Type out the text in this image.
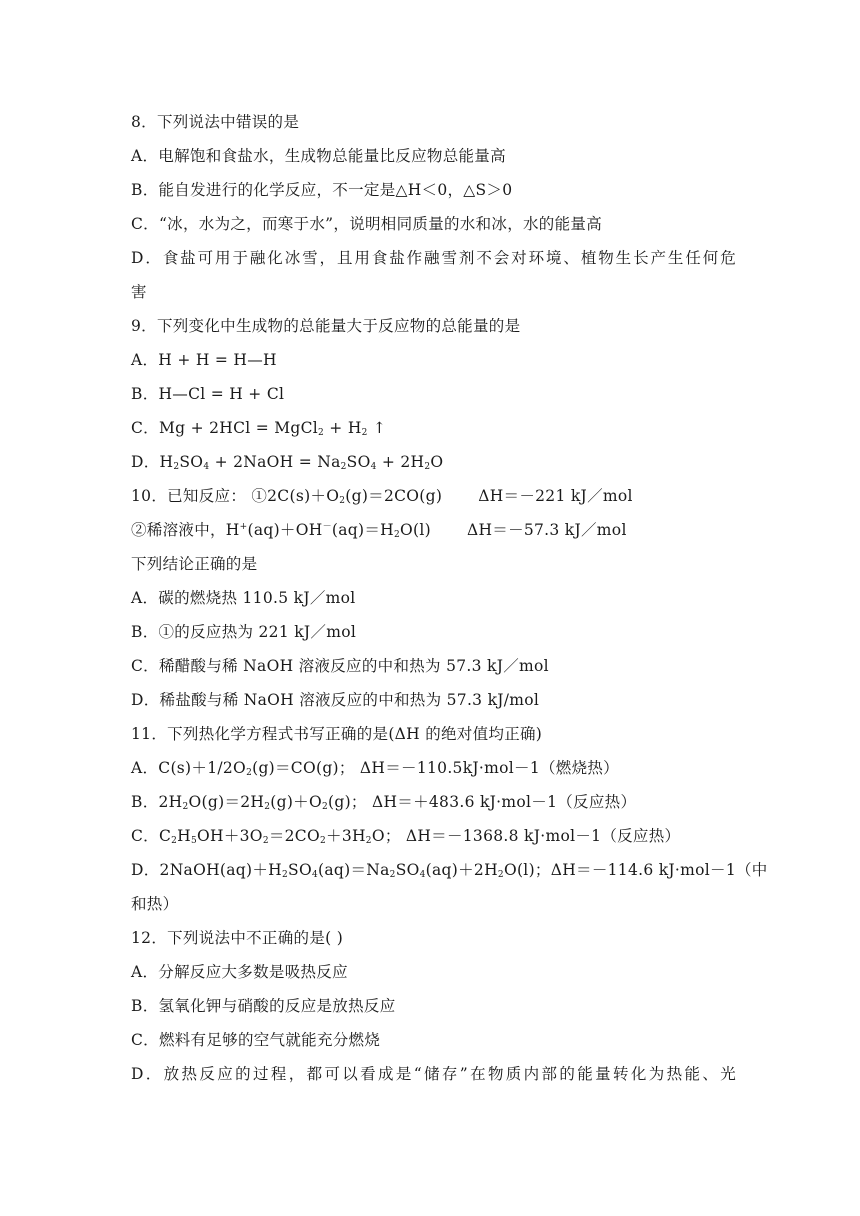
8．下列说法中错误的是
A．电解饱和食盐水，生成物总能量比反应物总能量高
B．能自发进行的化学反应，不一定是△H＜0，△S＞0
C．“冰，水为之，而寒于水”，说明相同质量的水和冰，水的能量高
D．食盐可用于融化冰雪，且用食盐作融雪剂不会对环境、植物生长产生任何危
害
9．下列变化中生成物的总能量大于反应物的总能量的是
A．H + H = H—H
B．H—Cl = H + Cl
C．Mg + 2HCl = MgCl$_2$ + $H_2$ ↑
D．$H_2SO_4$ + 2NaOH = $Na_2SO_4 + 2H_2O$
10．已知反应： $①2C(s)+O_2(g)=2CO(g)$ ΔH＝－221 kJ／mol
②稀溶液中，$H^+(aq)+OH^-(aq)=H_2O(l)$ ΔH＝－57.3 kJ／mol
下列结论正确的是
A．碳的燃烧热 110.5 kJ／mol
B．①的反应热为 221 kJ／mol
C．稀醋酸与稀 NaOH 溶液反应的中和热为 57.3 kJ／mol
D．稀盐酸与稀 NaOH 溶液反应的中和热为 57.3 kJ/mol
11．下列热化学方程式书写正确的是(ΔH 的绝对值均正确)
A．$C(s)+1/2O_2(g)=CO(g)$； ΔH＝－110.5kJ·mol－1（燃烧热）
B．$2H_2O(g)=2H_2(g)+O_2(g)$； ΔH＝＋483.6 kJ·mol－1（反应热）
C．$C_2H_5OH+3O_2=2CO_2+3H_2O$； ΔH＝－1368.8 kJ·mol－1（反应热）
D．$2NaOH(aq)+H_2SO_4(aq)=Na_2SO_4(aq)+2H_2O(l)$；ΔH＝－114.6 kJ·mol－1（中
和热）
12．下列说法中不正确的是( )
A．分解反应大多数是吸热反应
B．氢氧化钾与硝酸的反应是放热反应
C．燃料有足够的空气就能充分燃烧
D．放热反应的过程，都可以看成是“储存”在物质内部的能量转化为热能、光
